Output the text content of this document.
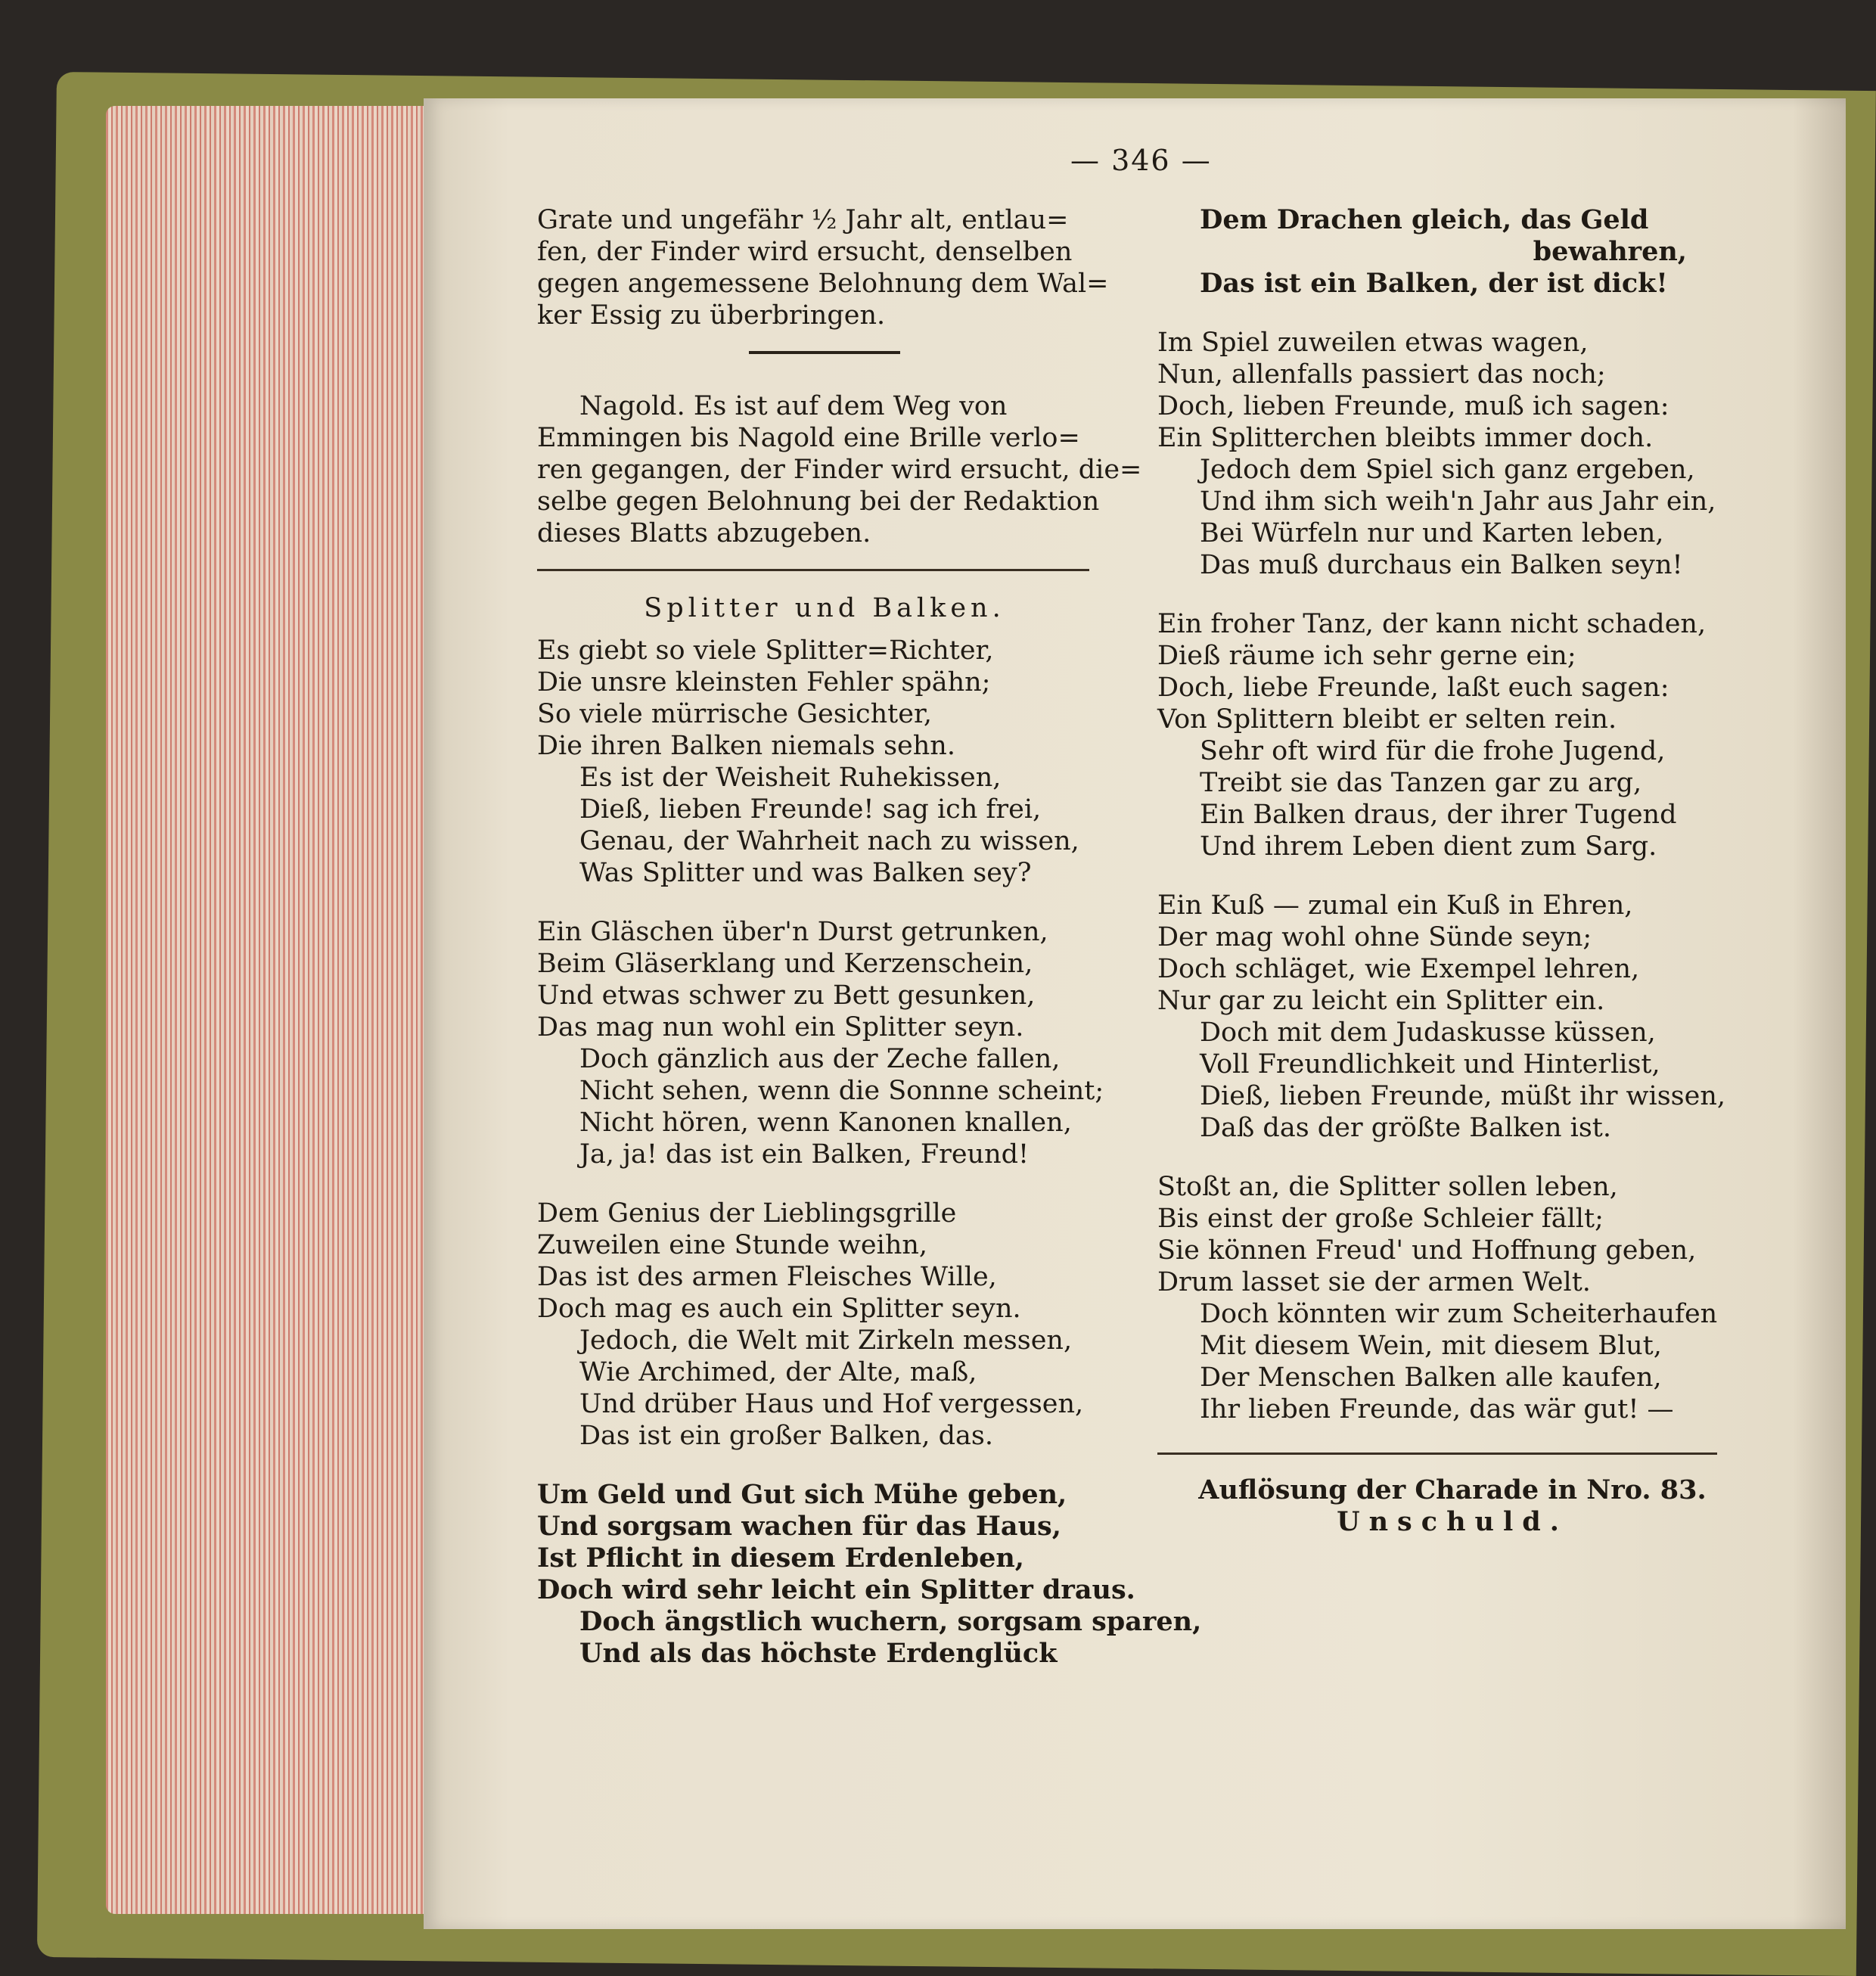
— 346 —
Grate und ungefähr ½ Jahr alt, entlau=
fen, der Finder wird ersucht, denselben
gegen angemessene Belohnung dem Wal=
ker Essig zu überbringen.
Nagold. Es ist auf dem Weg von
Emmingen bis Nagold eine Brille verlo=
ren gegangen, der Finder wird ersucht, die=
selbe gegen Belohnung bei der Redaktion
dieses Blatts abzugeben.
Splitter und Balken.
Es giebt so viele Splitter=Richter,
Die unsre kleinsten Fehler spähn;
So viele mürrische Gesichter,
Die ihren Balken niemals sehn.
Es ist der Weisheit Ruhekissen,
Dieß, lieben Freunde! sag ich frei,
Genau, der Wahrheit nach zu wissen,
Was Splitter und was Balken sey?
Ein Gläschen über'n Durst getrunken,
Beim Gläserklang und Kerzenschein,
Und etwas schwer zu Bett gesunken,
Das mag nun wohl ein Splitter seyn.
Doch gänzlich aus der Zeche fallen,
Nicht sehen, wenn die Sonnne scheint;
Nicht hören, wenn Kanonen knallen,
Ja, ja! das ist ein Balken, Freund!
Dem Genius der Lieblingsgrille
Zuweilen eine Stunde weihn,
Das ist des armen Fleisches Wille,
Doch mag es auch ein Splitter seyn.
Jedoch, die Welt mit Zirkeln messen,
Wie Archimed, der Alte, maß,
Und drüber Haus und Hof vergessen,
Das ist ein großer Balken, das.
Um Geld und Gut sich Mühe geben,
Und sorgsam wachen für das Haus,
Ist Pflicht in diesem Erdenleben,
Doch wird sehr leicht ein Splitter draus.
Doch ängstlich wuchern, sorgsam sparen,
Und als das höchste Erdenglück
Dem Drachen gleich, das Geld
bewahren,
Das ist ein Balken, der ist dick!
Im Spiel zuweilen etwas wagen,
Nun, allenfalls passiert das noch;
Doch, lieben Freunde, muß ich sagen:
Ein Splitterchen bleibts immer doch.
Jedoch dem Spiel sich ganz ergeben,
Und ihm sich weih'n Jahr aus Jahr ein,
Bei Würfeln nur und Karten leben,
Das muß durchaus ein Balken seyn!
Ein froher Tanz, der kann nicht schaden,
Dieß räume ich sehr gerne ein;
Doch, liebe Freunde, laßt euch sagen:
Von Splittern bleibt er selten rein.
Sehr oft wird für die frohe Jugend,
Treibt sie das Tanzen gar zu arg,
Ein Balken draus, der ihrer Tugend
Und ihrem Leben dient zum Sarg.
Ein Kuß — zumal ein Kuß in Ehren,
Der mag wohl ohne Sünde seyn;
Doch schläget, wie Exempel lehren,
Nur gar zu leicht ein Splitter ein.
Doch mit dem Judaskusse küssen,
Voll Freundlichkeit und Hinterlist,
Dieß, lieben Freunde, müßt ihr wissen,
Daß das der größte Balken ist.
Stoßt an, die Splitter sollen leben,
Bis einst der große Schleier fällt;
Sie können Freud' und Hoffnung geben,
Drum lasset sie der armen Welt.
Doch könnten wir zum Scheiterhaufen
Mit diesem Wein, mit diesem Blut,
Der Menschen Balken alle kaufen,
Ihr lieben Freunde, das wär gut! —
Auflösung der Charade in Nro. 83.
Unschuld.
